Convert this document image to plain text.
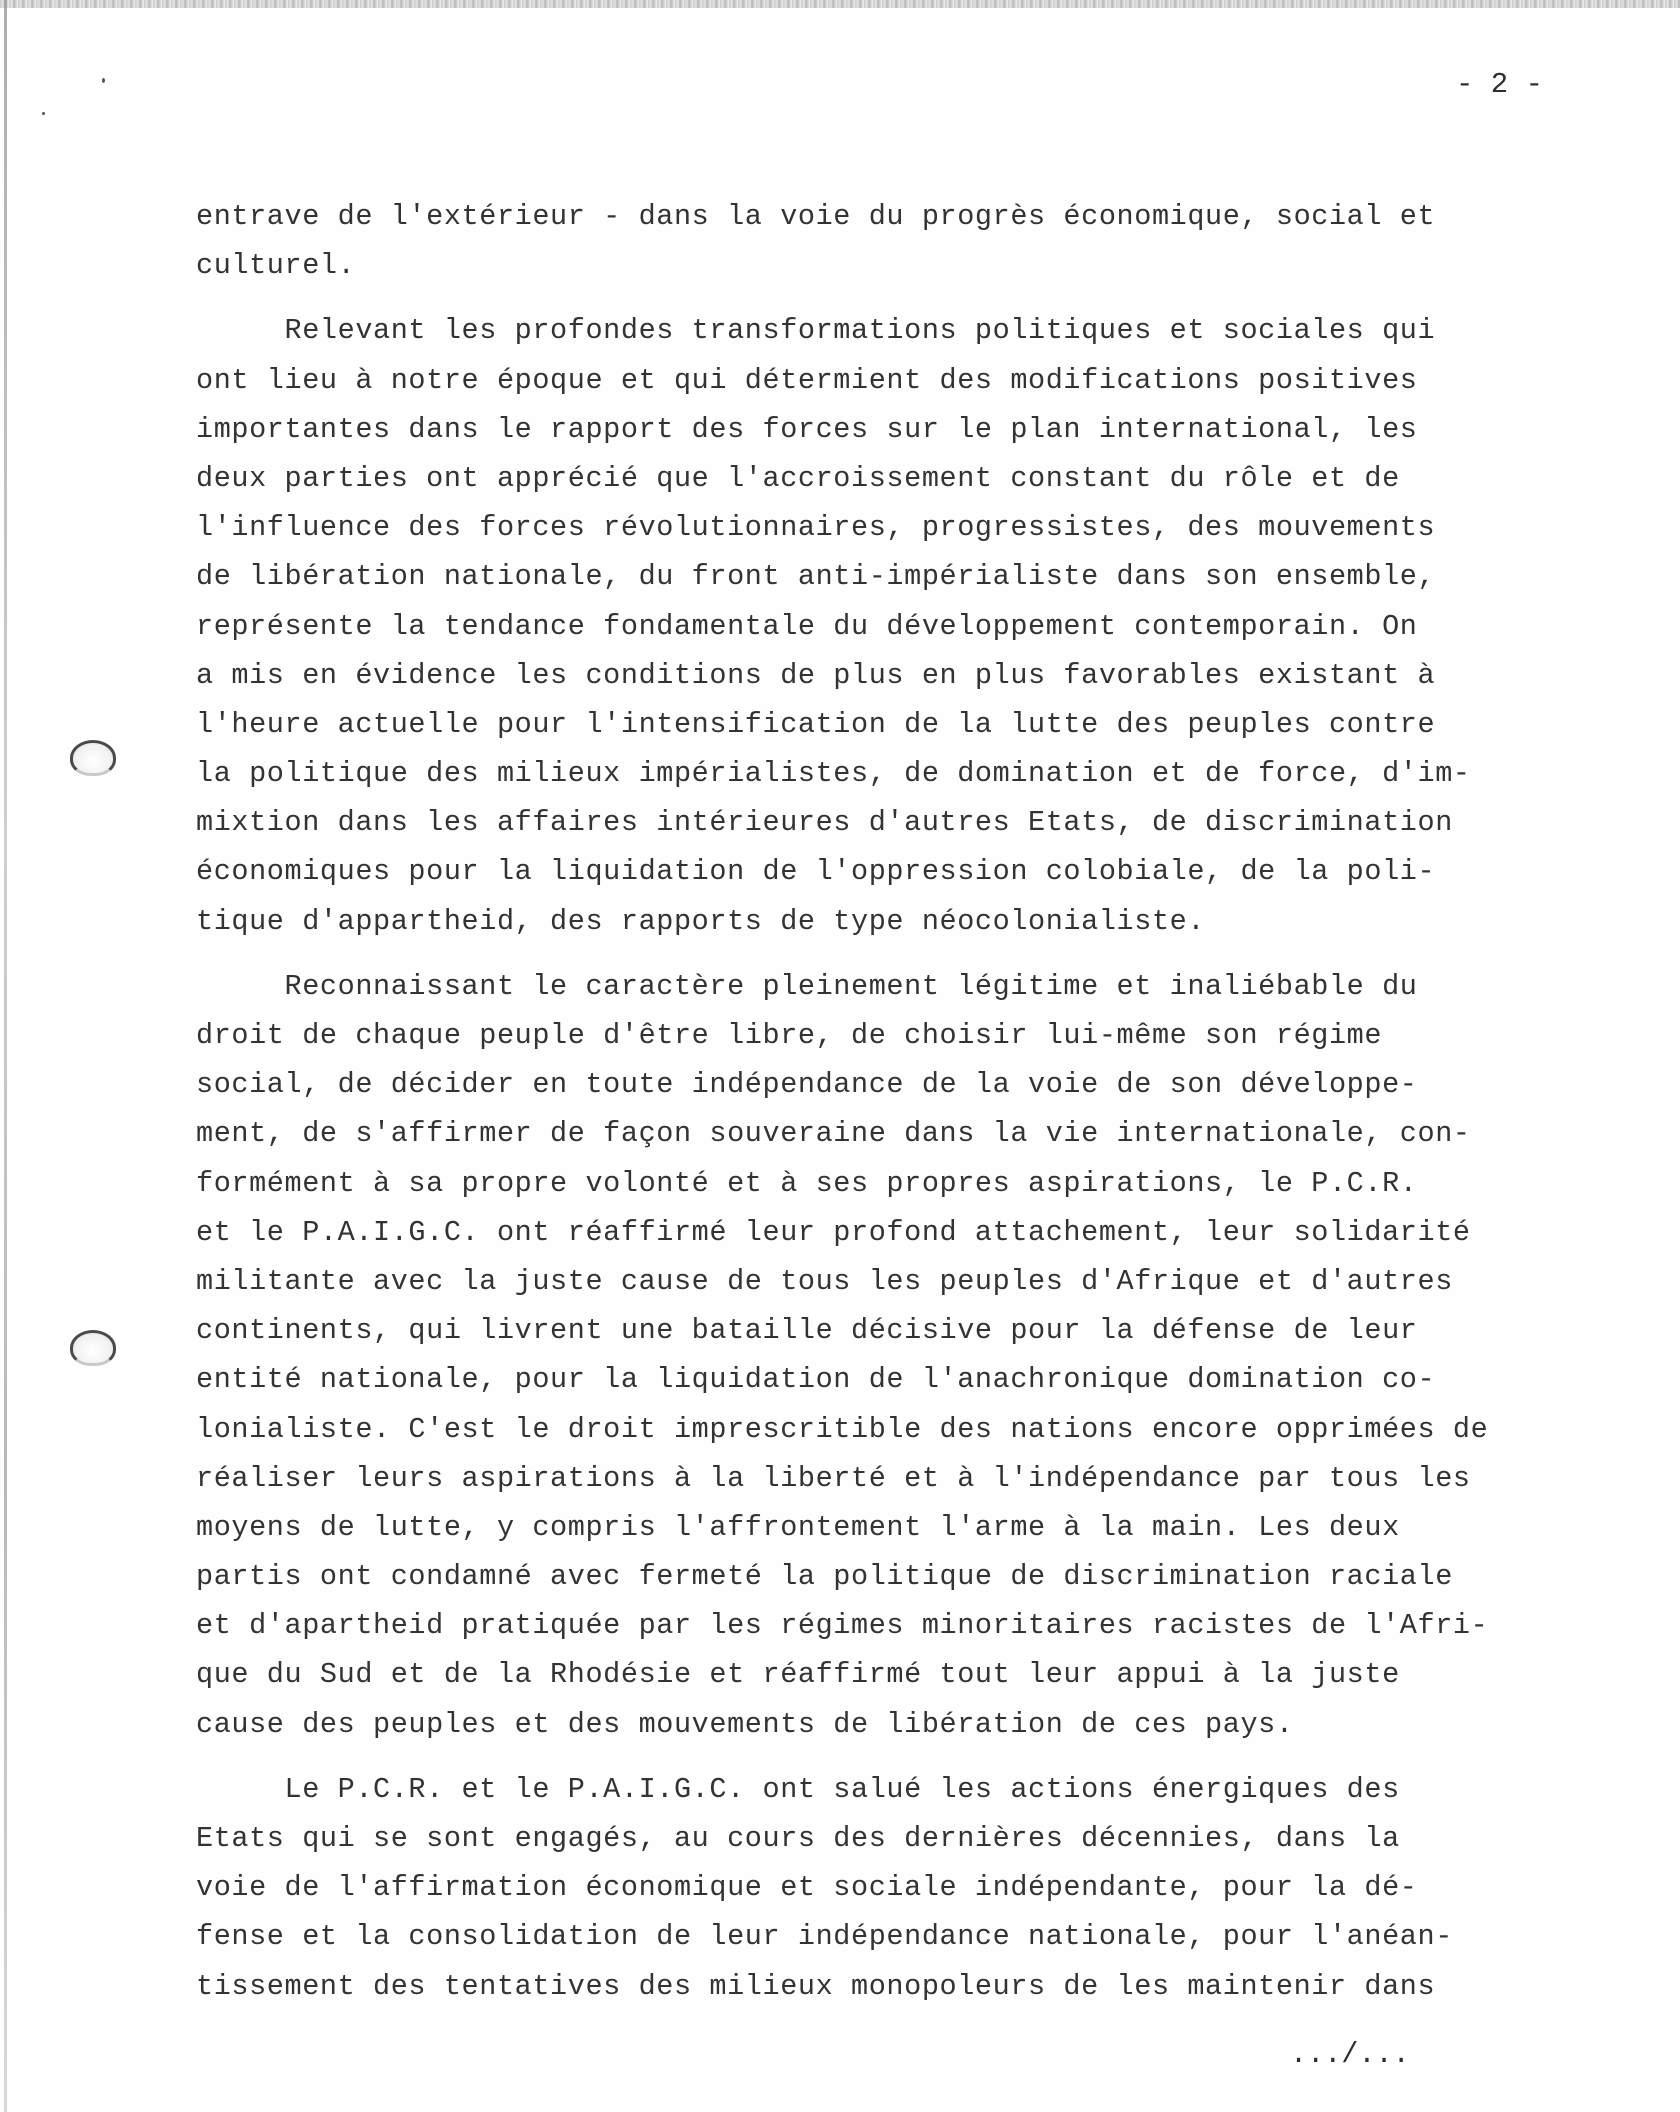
- 2 -
entrave de l'extérieur - dans la voie du progrès économique, social et
culturel.
Relevant les profondes transformations politiques et sociales qui
ont lieu à notre époque et qui détermient des modifications positives
importantes dans le rapport des forces sur le plan international, les
deux parties ont apprécié que l'accroissement constant du rôle et de
l'influence des forces révolutionnaires, progressistes, des mouvements
de libération nationale, du front anti-impérialiste dans son ensemble,
représente la tendance fondamentale du développement contemporain. On
a mis en évidence les conditions de plus en plus favorables existant à
l'heure actuelle pour l'intensification de la lutte des peuples contre
la politique des milieux impérialistes, de domination et de force, d'im-
mixtion dans les affaires intérieures d'autres Etats, de discrimination
économiques pour la liquidation de l'oppression colobiale, de la poli-
tique d'appartheid, des rapports de type néocolonialiste.
Reconnaissant le caractère pleinement légitime et inaliébable du
droit de chaque peuple d'être libre, de choisir lui-même son régime
social, de décider en toute indépendance de la voie de son développe-
ment, de s'affirmer de façon souveraine dans la vie internationale, con-
formément à sa propre volonté et à ses propres aspirations, le P.C.R.
et le P.A.I.G.C. ont réaffirmé leur profond attachement, leur solidarité
militante avec la juste cause de tous les peuples d'Afrique et d'autres
continents, qui livrent une bataille décisive pour la défense de leur
entité nationale, pour la liquidation de l'anachronique domination co-
lonialiste. C'est le droit imprescritible des nations encore opprimées de
réaliser leurs aspirations à la liberté et à l'indépendance par tous les
moyens de lutte, y compris l'affrontement l'arme à la main. Les deux
partis ont condamné avec fermeté la politique de discrimination raciale
et d'apartheid pratiquée par les régimes minoritaires racistes de l'Afri-
que du Sud et de la Rhodésie et réaffirmé tout leur appui à la juste
cause des peuples et des mouvements de libération de ces pays.
Le P.C.R. et le P.A.I.G.C. ont salué les actions énergiques des
Etats qui se sont engagés, au cours des dernières décennies, dans la
voie de l'affirmation économique et sociale indépendante, pour la dé-
fense et la consolidation de leur indépendance nationale, pour l'anéan-
tissement des tentatives des milieux monopoleurs de les maintenir dans
.../...
